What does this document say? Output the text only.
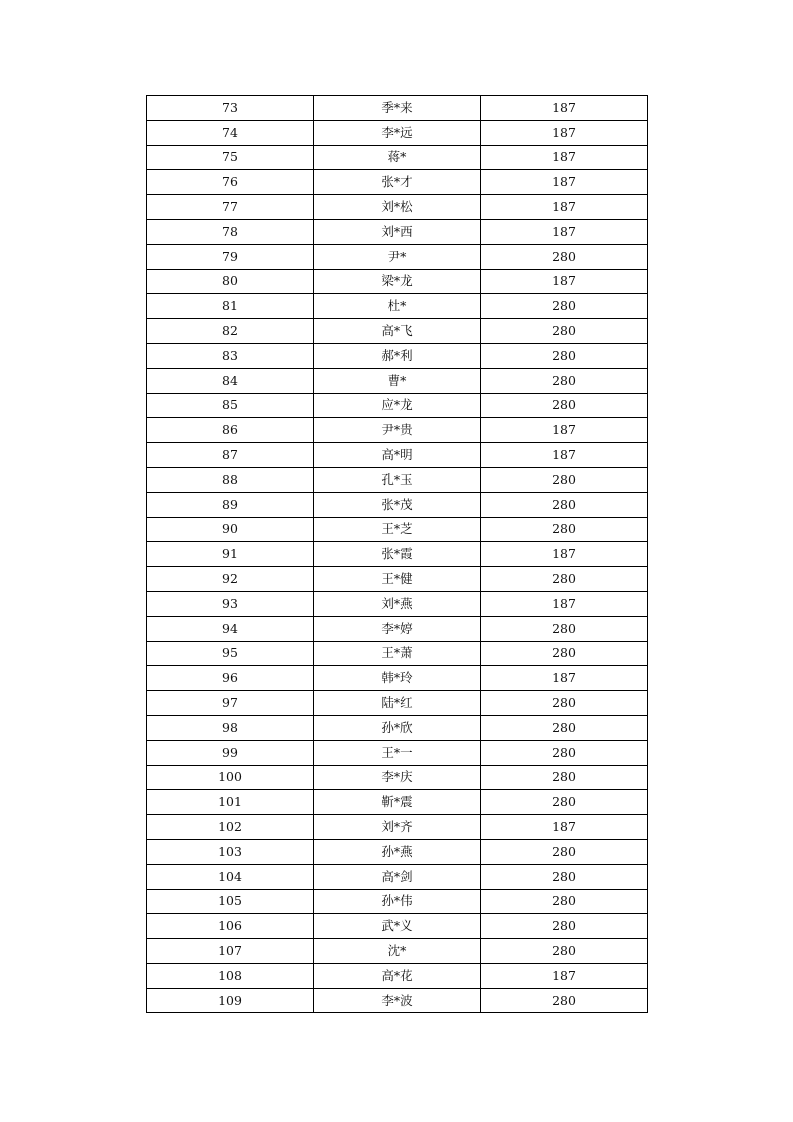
73	季*来	187
74	李*远	187
75	蒋*	187
76	张*才	187
77	刘*松	187
78	刘*西	187
79	尹*	280
80	梁*龙	187
81	杜*	280
82	高*飞	280
83	郝*利	280
84	曹*	280
85	应*龙	280
86	尹*贵	187
87	高*明	187
88	孔*玉	280
89	张*茂	280
90	王*芝	280
91	张*霞	187
92	王*健	280
93	刘*燕	187
94	李*婷	280
95	王*萧	280
96	韩*玲	187
97	陆*红	280
98	孙*欣	280
99	王*一	280
100	李*庆	280
101	靳*震	280
102	刘*齐	187
103	孙*燕	280
104	高*剑	280
105	孙*伟	280
106	武*义	280
107	沈*	280
108	高*花	187
109	李*波	280
